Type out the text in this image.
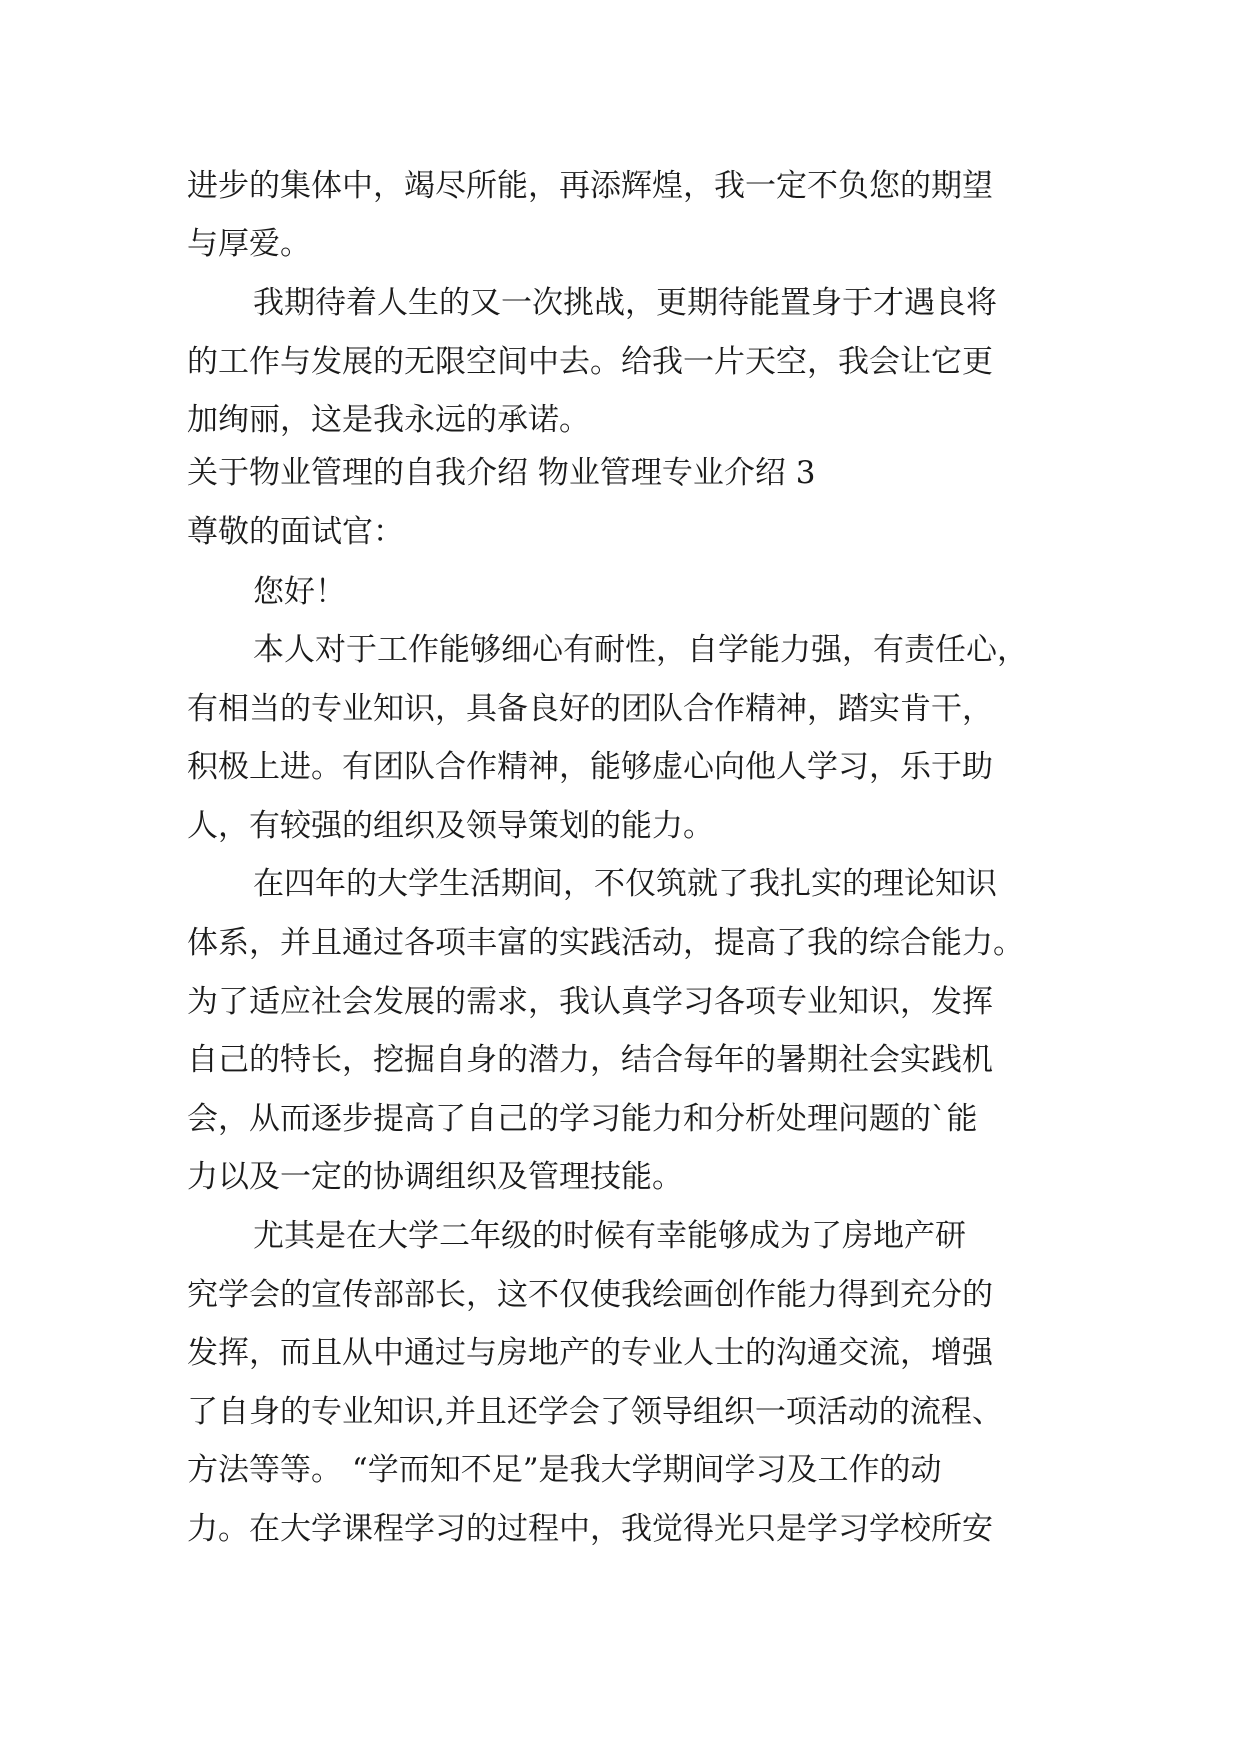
进步的集体中，竭尽所能，再添辉煌，我一定不负您的期望

与厚爱。

我期待着人生的又一次挑战，更期待能置身于才遇良将

的工作与发展的无限空间中去。给我一片天空，我会让它更

加绚丽，这是我永远的承诺。

关于物业管理的自我介绍 物业管理专业介绍 3

尊敬的面试官：

您好！

本人对于工作能够细心有耐性，自学能力强，有责任心，

有相当的专业知识，具备良好的团队合作精神，踏实肯干，

积极上进。有团队合作精神，能够虚心向他人学习，乐于助

人，有较强的组织及领导策划的能力。

在四年的大学生活期间，不仅筑就了我扎实的理论知识

体系，并且通过各项丰富的实践活动，提高了我的综合能力。

为了适应社会发展的需求，我认真学习各项专业知识，发挥

自己的特长，挖掘自身的潜力，结合每年的暑期社会实践机

会，从而逐步提高了自己的学习能力和分析处理问题的`能

力以及一定的协调组织及管理技能。

尤其是在大学二年级的时候有幸能够成为了房地产研

究学会的宣传部部长，这不仅使我绘画创作能力得到充分的

发挥，而且从中通过与房地产的专业人士的沟通交流，增强

了自身的专业知识,并且还学会了领导组织一项活动的流程、

方法等等。 “学而知不足”是我大学期间学习及工作的动

力。在大学课程学习的过程中，我觉得光只是学习学校所安
